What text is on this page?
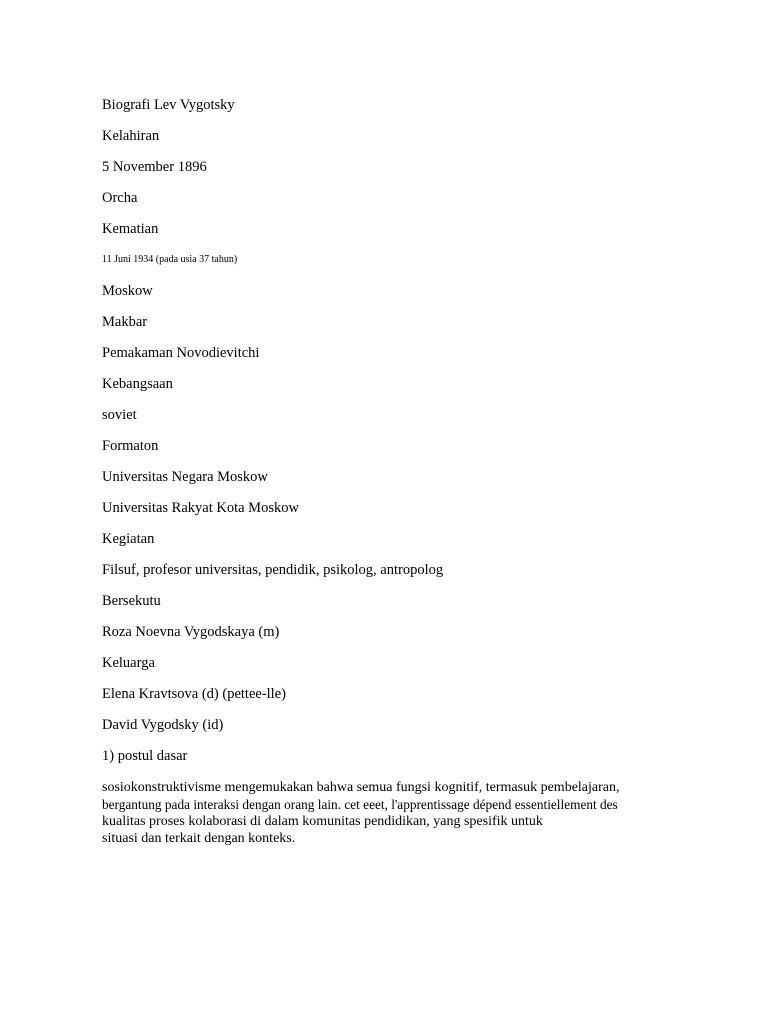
Biografi Lev Vygotsky
Kelahiran
5 November 1896
Orcha
Kematian
11 Juni 1934 (pada usia 37 tahun)
Moskow
Makbar
Pemakaman Novodievitchi
Kebangsaan
soviet
Formaton
Universitas Negara Moskow
Universitas Rakyat Kota Moskow
Kegiatan
Filsuf, profesor universitas, pendidik, psikolog, antropolog
Bersekutu
Roza Noevna Vygodskaya (m)
Keluarga
Elena Kravtsova (d) (pettee-lle)
David Vygodsky (id)
1) postul dasar
sosiokonstruktivisme mengemukakan bahwa semua fungsi kognitif, termasuk pembelajaran,
bergantung pada interaksi dengan orang lain. cet eeet, l'apprentissage dépend essentiellement des
kualitas proses kolaborasi di dalam komunitas pendidikan, yang spesifik untuk
situasi dan terkait dengan konteks.
